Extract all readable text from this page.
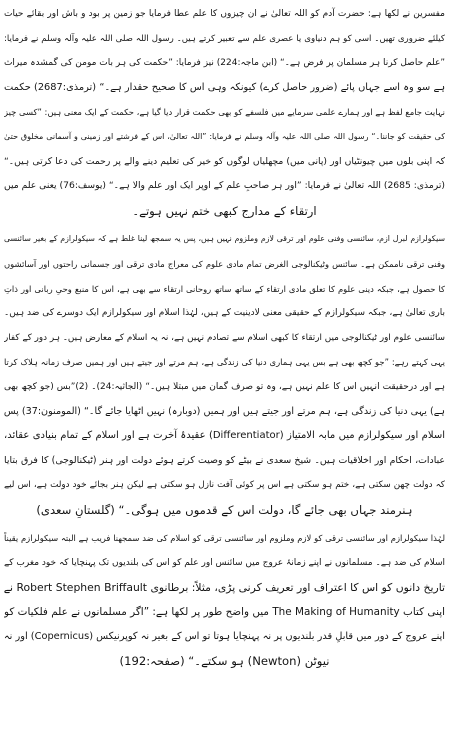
مفسرین نے لکھا ہے: حضرت آدم کو اللہ تعالیٰ نے ان چیزوں کا علم عطا فرمایا جو زمین پر بود و باش اور بقائے حیات
کیلئے ضروری تھیں۔ اسی کو ہم دنیاوی یا عصری علم سے تعبیر کرتے ہیں۔ رسول اللہ صلی اللہ علیہ وآلہ وسلم نے فرمایا:
”علم حاصل کرنا ہر مسلمان پر فرض ہے۔“ (ابن ماجہ:224) نیز فرمایا: ”حکمت کی ہر بات مومن کی گمشدہ میراث
ہے سو وہ اسے جہاں پائے (ضرور حاصل کرے) کیونکہ وہی اس کا صحیح حقدار ہے۔“ (ترمذی:2687) حکمت
نہایت جامع لفظ ہے اور ہمارے علمی سرمایے میں فلسفے کو بھی حکمت قرار دیا گیا ہے، حکمت کے ایک معنی ہیں: ”کسی چیز
کی حقیقت کو جاننا۔“ رسول اللہ صلی اللہ علیہ وآلہ وسلم نے فرمایا: ”اللہ تعالیٰ، اس کے فرشتے اور زمینی و آسمانی مخلوق حتیٰ
کہ اپنی بلوں میں چیونٹیاں اور (پانی میں) مچھلیاں لوگوں کو خیر کی تعلیم دینے والے پر رحمت کی دعا کرتی ہیں۔“
(ترمذی: 2685) اللہ تعالیٰ نے فرمایا: ”اور ہر صاحبِ علم کے اوپر ایک اور علم والا ہے۔“ (یوسف:76) یعنی علم میں
ارتقاء کے مدارج کبھی ختم نہیں ہوتے۔
سیکولرازم لبرل ازم، سائنسی وفنی علوم اور ترقی لازم وملزوم نہیں ہیں، پس یہ سمجھ لینا غلط ہے کہ سیکولرازم کے بغیر سائنسی
وفنی ترقی ناممکن ہے۔ سائنس وٹیکنالوجی الغرض تمام مادی علوم کی معراج مادی ترقی اور جسمانی راحتوں اور آسائشوں
کا حصول ہے، جبکہ دینی علوم کا تعلق مادی ارتقاء کے ساتھ ساتھ روحانی ارتقاء سے بھی ہے، اس کا منبع وحیِ ربانی اور ذاتِ
باری تعالیٰ ہے، جبکہ سیکولرازم کے حقیقی معنی لادینیت کے ہیں، لہٰذا اسلام اور سیکولرازم ایک دوسرے کی ضد ہیں۔
سائنسی علوم اور ٹیکنالوجی میں ارتقاء کا کبھی اسلام سے تصادم نہیں ہے، نہ یہ اسلام کے معارض ہیں۔ ہر دور کے کفار
یہی کہتے رہے: ”جو کچھ بھی ہے بس یہی ہماری دنیا کی زندگی ہے، ہم مرتے اور جیتے ہیں اور ہمیں صرف زمانہ ہلاک کرتا
ہے اور درحقیقت انہیں اس کا علم نہیں ہے، وہ تو صرف گمان میں مبتلا ہیں۔“ (الجاثیہ:24)۔ (2)”بس (جو کچھ بھی
ہے) یہی دنیا کی زندگی ہے، ہم مرتے اور جیتے ہیں اور ہمیں (دوبارہ) نہیں اٹھایا جائے گا۔“ (المومنون:37) پس
اسلام اور سیکولرازم میں مابہ الامتیاز (Differentiator) عقیدۂ آخرت ہے اور اسلام کے تمام بنیادی عقائد،
عبادات، احکام اور اخلاقیات ہیں۔ شیخ سعدی نے بیٹے کو وصیت کرتے ہوئے دولت اور ہنر (ٹیکنالوجی) کا فرق بتایا
کہ دولت چھن سکتی ہے، ختم ہو سکتی ہے اس پر کوئی آفت نازل ہو سکتی ہے لیکن ہنر بجائے خود دولت ہے، اس لیے
ہنرمند جہاں بھی جائے گا، دولت اس کے قدموں میں ہوگی۔“ (گلستانِ سعدی)
لہٰذا سیکولرازم اور سائنسی ترقی کو لازم وملزوم اور سائنسی ترقی کو اسلام کی ضد سمجھنا فریب ہے البتہ سیکولرازم یقیناً
اسلام کی ضد ہے۔ مسلمانوں نے اپنے زمانۂ عروج میں سائنس اور علم کو اس کی بلندیوں تک پہنچایا کہ خود مغرب کے
تاریخ دانوں کو اس کا اعتراف اور تعریف کرنی پڑی، مثلاً: برطانوی Robert Stephen Briffault نے
اپنی کتاب The Making of Humanity میں واضح طور پر لکھا ہے: ”اگر مسلمانوں نے علم فلکیات کو
اپنے عروج کے دور میں قابلِ قدر بلندیوں پر نہ پہنچایا ہوتا تو اس کے بغیر نہ کوپرنیکس (Copernicus) اور نہ
نیوٹن (Newton) ہو سکتے۔“ (صفحہ:192)
